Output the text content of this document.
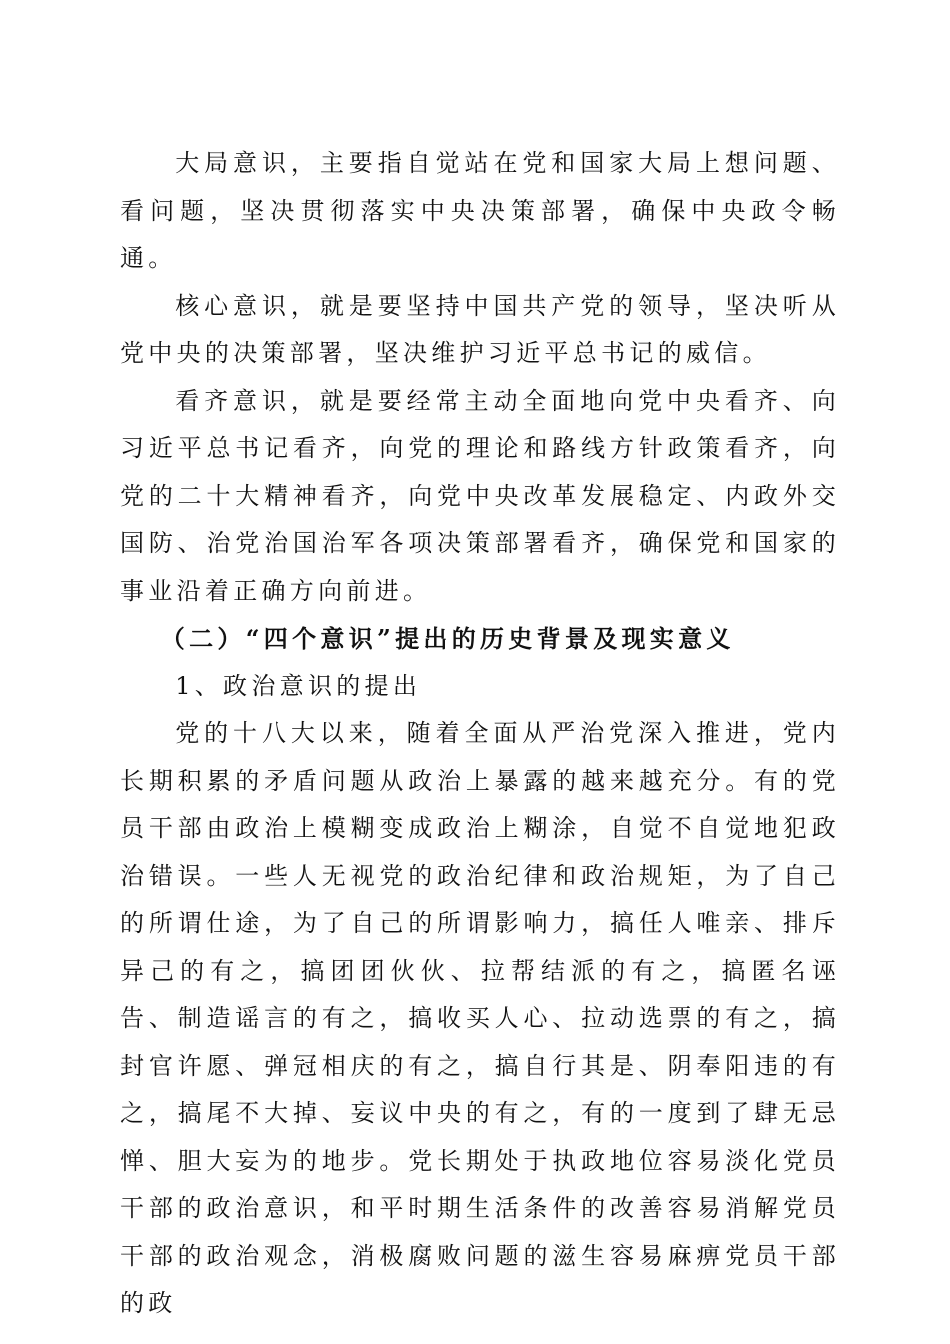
大局意识，主要指自觉站在党和国家大局上想问题、看问题，坚决贯彻落实中央决策部署，确保中央政令畅通。

核心意识，就是要坚持中国共产党的领导，坚决听从党中央的决策部署，坚决维护习近平总书记的威信。

看齐意识，就是要经常主动全面地向党中央看齐、向习近平总书记看齐，向党的理论和路线方针政策看齐，向党的二十大精神看齐，向党中央改革发展稳定、内政外交国防、治党治国治军各项决策部署看齐，确保党和国家的事业沿着正确方向前进。

（二）“四个意识”提出的历史背景及现实意义

1、政治意识的提出

党的十八大以来，随着全面从严治党深入推进，党内长期积累的矛盾问题从政治上暴露的越来越充分。有的党员干部由政治上模糊变成政治上糊涂，自觉不自觉地犯政治错误。一些人无视党的政治纪律和政治规矩，为了自己的所谓仕途，为了自己的所谓影响力，搞任人唯亲、排斥异己的有之，搞团团伙伙、拉帮结派的有之，搞匿名诬告、制造谣言的有之，搞收买人心、拉动选票的有之，搞封官许愿、弹冠相庆的有之，搞自行其是、阴奉阳违的有之，搞尾不大掉、妄议中央的有之，有的一度到了肆无忌惮、胆大妄为的地步。党长期处于执政地位容易淡化党员干部的政治意识，和平时期生活条件的改善容易消解党员干部的政治观念，消极腐败问题的滋生容易麻痹党员干部的政
